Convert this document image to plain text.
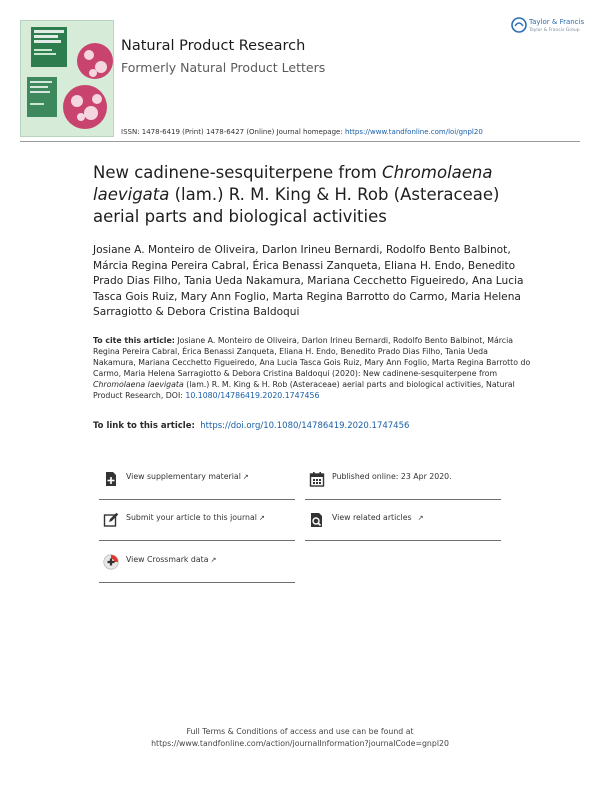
Natural Product Research
Formerly Natural Product Letters
ISSN: 1478-6419 (Print) 1478-6427 (Online) Journal homepage: https://www.tandfonline.com/loi/gnpl20
Taylor & Francis
Taylor & Francis Group
New cadinene-sesquiterpene from Chromolaena laevigata (lam.) R. M. King & H. Rob (Asteraceae) aerial parts and biological activities
Josiane A. Monteiro de Oliveira, Darlon Irineu Bernardi, Rodolfo Bento Balbinot, Márcia Regina Pereira Cabral, Érica Benassi Zanqueta, Eliana H. Endo, Benedito Prado Dias Filho, Tania Ueda Nakamura, Mariana Cecchetto Figueiredo, Ana Lucia Tasca Gois Ruiz, Mary Ann Foglio, Marta Regina Barrotto do Carmo, Maria Helena Sarragiotto & Debora Cristina Baldoqui
To cite this article: Josiane A. Monteiro de Oliveira, Darlon Irineu Bernardi, Rodolfo Bento Balbinot, Márcia Regina Pereira Cabral, Érica Benassi Zanqueta, Eliana H. Endo, Benedito Prado Dias Filho, Tania Ueda Nakamura, Mariana Cecchetto Figueiredo, Ana Lucia Tasca Gois Ruiz, Mary Ann Foglio, Marta Regina Barrotto do Carmo, Maria Helena Sarragiotto & Debora Cristina Baldoqui (2020): New cadinene-sesquiterpene from Chromolaena laevigata (lam.) R. M. King & H. Rob (Asteraceae) aerial parts and biological activities, Natural Product Research, DOI: 10.1080/14786419.2020.1747456
To link to this article: https://doi.org/10.1080/14786419.2020.1747456
View supplementary material ↗	Published online: 23 Apr 2020.
Submit your article to this journal ↗	View related articles ↗
View Crossmark data ↗
Full Terms & Conditions of access and use can be found at
https://www.tandfonline.com/action/journalInformation?journalCode=gnpl20
